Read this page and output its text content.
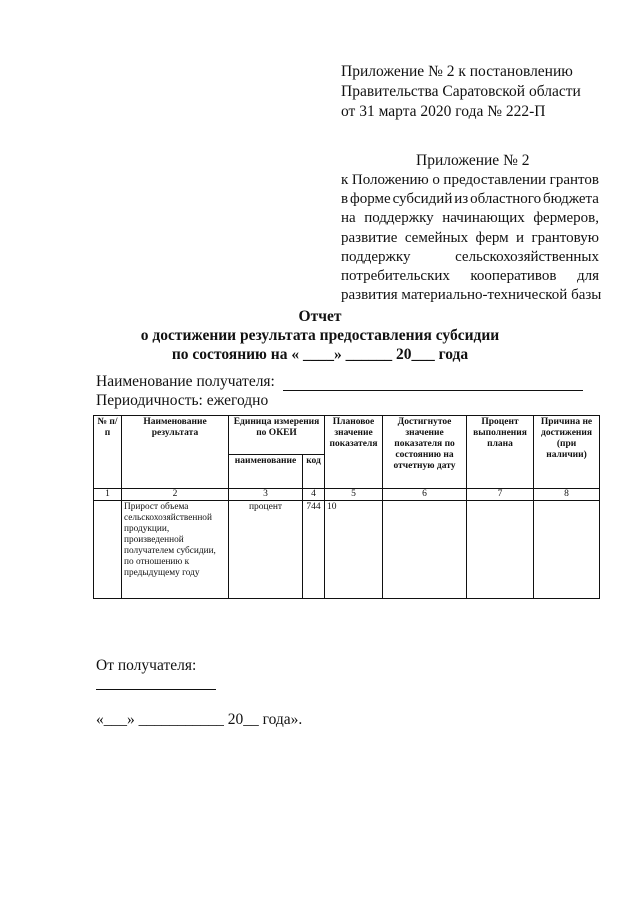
Приложение № 2 к постановлению
Правительства Саратовской области
от 31 марта 2020 года № 222-П
Приложение № 2
к Положению о предоставлении грантов
в форме субсидий из областного бюджета
на поддержку начинающих фермеров,
развитие семейных ферм и грантовую
поддержку	сельскохозяйственных
потребительских кооперативов для
развития материально-технической базы
Отчет
о достижении результата предоставления субсидии
по состоянию на « ____» ______ 20___ года
Наименование получателя:
Периодичность: ежегодно
№ п/п	Наименование результата	Единица измерения по ОКЕИ		Плановое значение показателя	Достигнутое значение показателя по состоянию на отчетную дату	Процент выполнения плана	Причина не достижения (при наличии)
		наименование	код				
1	2	3	4	5	6	7	8
	Прирост объема сельскохозяйственной продукции, произведенной получателем субсидии, по отношению к предыдущему году	процент	744	10			
От получателя:
«___» ___________ 20__ года».
